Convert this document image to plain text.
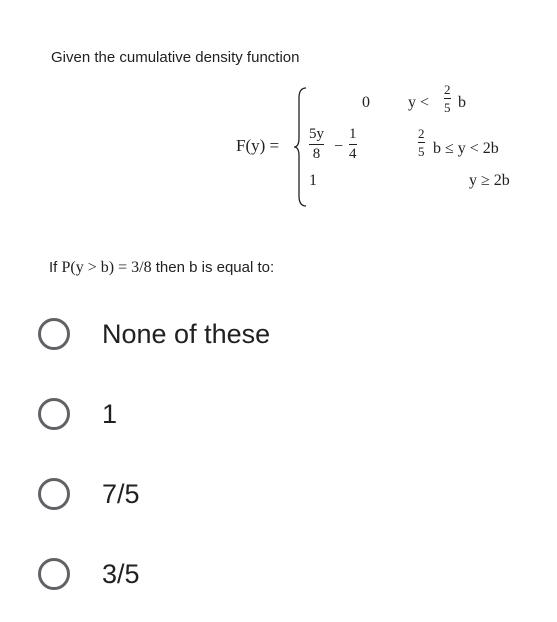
Given the cumulative density function
F(y) =
0 y <
2
5 b
5y
8 −
1
4
2
5 b ≤ y < 2b
1	y ≥ 2b
If P(y > b) = 3/8 then b is equal to:
None of these
1
7/5
3/5
